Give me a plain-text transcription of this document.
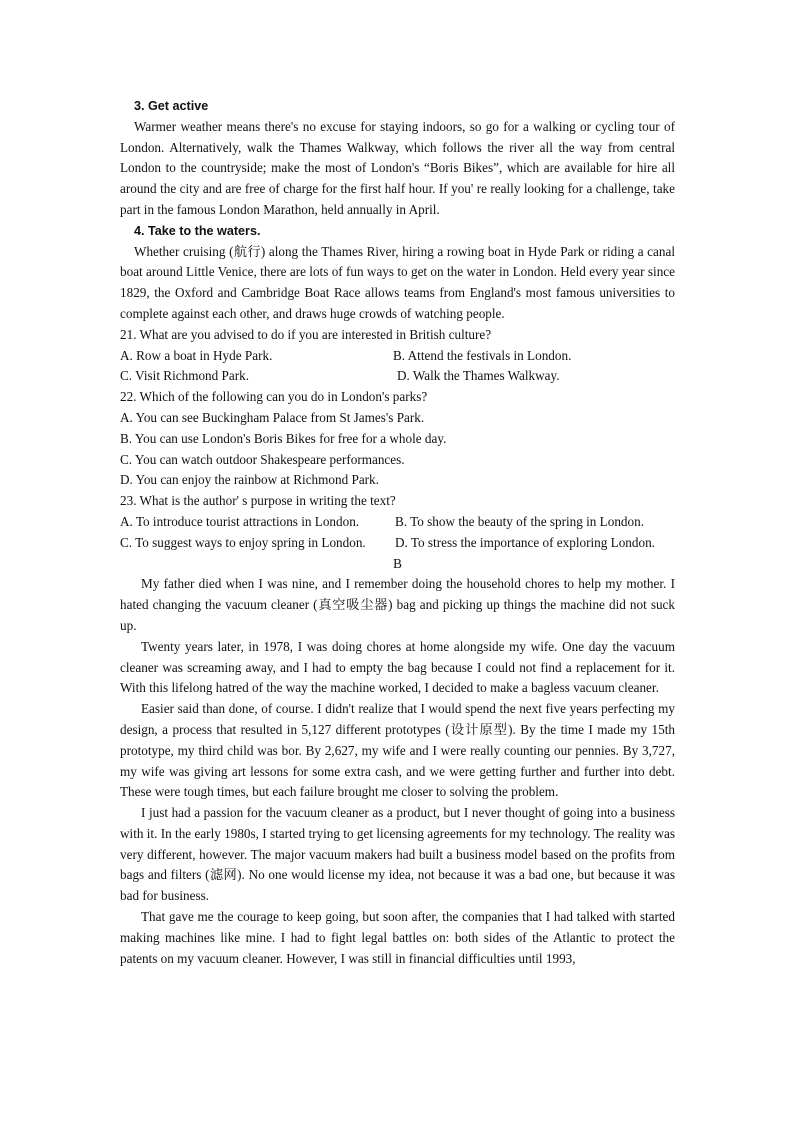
3. Get active

Warmer weather means there's no excuse for staying indoors, so go for a walking or cycling tour of London. Alternatively, walk the Thames Walkway, which follows the river all the way from central London to the countryside; make the most of London's “Boris Bikes”, which are available for hire all around the city and are free of charge for the first half hour. If you' re really looking for a challenge, take part in the famous London Marathon, held annually in April.

4. Take to the waters.

Whether cruising (航行) along the Thames River, hiring a rowing boat in Hyde Park or riding a canal boat around Little Venice, there are lots of fun ways to get on the water in London. Held every year since 1829, the Oxford and Cambridge Boat Race allows teams from England's most famous universities to complete against each other, and draws huge crowds of watching people.

21. What are you advised to do if you are interested in British culture?

A. Row a boat in Hyde Park.	B. Attend the festivals in London.
C. Visit Richmond Park.	D. Walk the Thames Walkway.

22. Which of the following can you do in London's parks?

A. You can see Buckingham Palace from St James's Park.

B. You can use London's Boris Bikes for free for a whole day.

C. You can watch outdoor Shakespeare performances.

D. You can enjoy the rainbow at Richmond Park.

23. What is the author' s purpose in writing the text?

A. To introduce tourist attractions in London.	B. To show the beauty of the spring in London.
C. To suggest ways to enjoy spring in London.	D. To stress the importance of exploring London.
B

My father died when I was nine, and I remember doing the household chores to help my mother. I hated changing the vacuum cleaner (真空吸尘器) bag and picking up things the machine did not suck up.

Twenty years later, in 1978, I was doing chores at home alongside my wife. One day the vacuum cleaner was screaming away, and I had to empty the bag because I could not find a replacement for it. With this lifelong hatred of the way the machine worked, I decided to make a bagless vacuum cleaner.

Easier said than done, of course. I didn't realize that I would spend the next five years perfecting my design, a process that resulted in 5,127 different prototypes (设计原型). By the time I made my 15th prototype, my third child was bor. By 2,627, my wife and I were really counting our pennies. By 3,727, my wife was giving art lessons for some extra cash, and we were getting further and further into debt. These were tough times, but each failure brought me closer to solving the problem.

I just had a passion for the vacuum cleaner as a product, but I never thought of going into a business with it. In the early 1980s, I started trying to get licensing agreements for my technology. The reality was very different, however. The major vacuum makers had built a business model based on the profits from bags and filters (滤网). No one would license my idea, not because it was a bad one, but because it was bad for business.

That gave me the courage to keep going, but soon after, the companies that I had talked with started making machines like mine. I had to fight legal battles on: both sides of the Atlantic to protect the patents on my vacuum cleaner. However, I was still in financial difficulties until 1993,
